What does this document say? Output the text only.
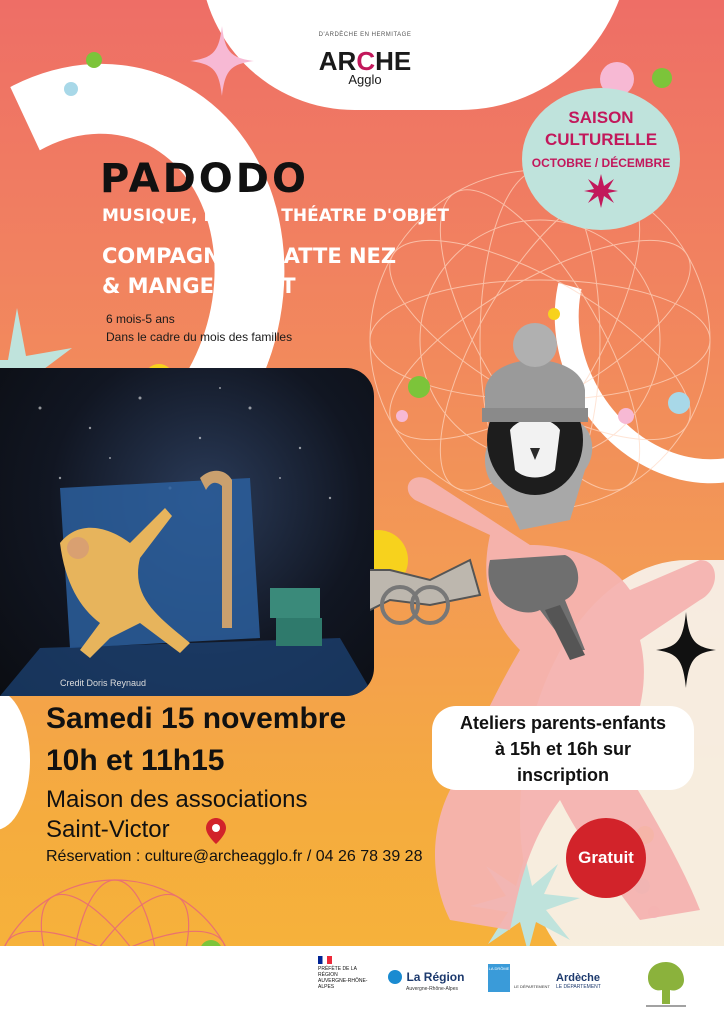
D'ARDÈCHE EN HERMITAGE
ARCHE
Agglo
SAISON
CULTURELLE
OCTOBRE / DÉCEMBRE
PADODO
MUSIQUE, DANSE, THÉATRE D'OBJET
COMPAGNIE GRATTE NEZ
& MANGE DOIGT
6 mois-5 ans
Dans le cadre du mois des familles
Credit Doris Reynaud
Samedi 15 novembre
10h et 11h15
Maison des associations
Saint-Victor
Réservation : culture@archeagglo.fr / 04 26 78 39 28
Ateliers parents-enfants
à 15h et 16h sur
inscription
Gratuit
PRÉFÈTE DE LA RÉGION AUVERGNE-RHÔNE-ALPES
La Région
Auvergne-Rhône-Alpes
LA DRÔME
LE DÉPARTEMENT
Ardèche
LE DÉPARTEMENT
